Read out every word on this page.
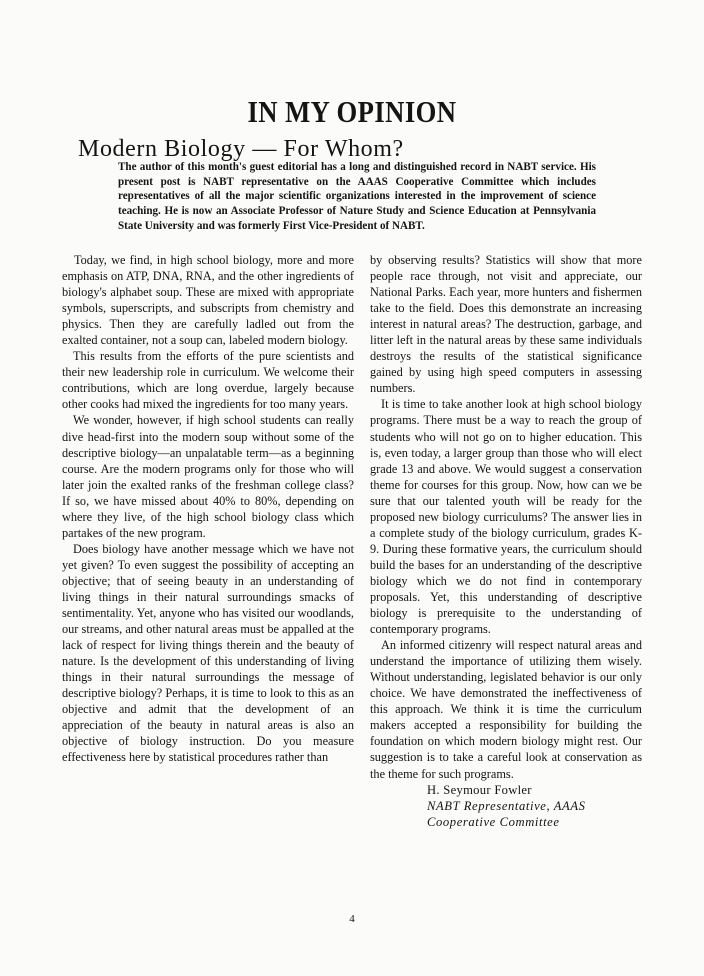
IN MY OPINION
Modern Biology — For Whom?

The author of this month's guest editorial has a long and distinguished record in NABT service. His present post is NABT representative on the AAAS Cooperative Committee which includes representatives of all the major scientific organizations interested in the improvement of science teaching. He is now an Associate Professor of Nature Study and Science Education at Pennsylvania State University and was formerly First Vice-President of NABT.

Today, we find, in high school biology, more and more emphasis on ATP, DNA, RNA, and the other ingredients of biology's alphabet soup. These are mixed with appropriate symbols, superscripts, and subscripts from chemistry and physics. Then they are carefully ladled out from the exalted container, not a soup can, labeled modern biology.

This results from the efforts of the pure scientists and their new leadership role in curriculum. We welcome their contributions, which are long overdue, largely because other cooks had mixed the ingredients for too many years.

We wonder, however, if high school students can really dive head-first into the modern soup without some of the descriptive biology—an unpalatable term—as a beginning course. Are the modern programs only for those who will later join the exalted ranks of the freshman college class? If so, we have missed about 40% to 80%, depending on where they live, of the high school biology class which partakes of the new program.

Does biology have another message which we have not yet given? To even suggest the possibility of accepting an objective; that of seeing beauty in an understanding of living things in their natural surroundings smacks of sentimentality. Yet, anyone who has visited our woodlands, our streams, and other natural areas must be appalled at the lack of respect for living things therein and the beauty of nature. Is the development of this understanding of living things in their natural surroundings the message of descriptive biology? Perhaps, it is time to look to this as an objective and admit that the development of an appreciation of the beauty in natural areas is also an objective of biology instruction. Do you measure effectiveness here by statistical procedures rather than

by observing results? Statistics will show that more people race through, not visit and appreciate, our National Parks. Each year, more hunters and fishermen take to the field. Does this demonstrate an increasing interest in natural areas? The destruction, garbage, and litter left in the natural areas by these same individuals destroys the results of the statistical significance gained by using high speed computers in assessing numbers.

It is time to take another look at high school biology programs. There must be a way to reach the group of students who will not go on to higher education. This is, even today, a larger group than those who will elect grade 13 and above. We would suggest a conservation theme for courses for this group. Now, how can we be sure that our talented youth will be ready for the proposed new biology curriculums? The answer lies in a complete study of the biology curriculum, grades K-9. During these formative years, the curriculum should build the bases for an understanding of the descriptive biology which we do not find in contemporary proposals. Yet, this understanding of descriptive biology is prerequisite to the understanding of contemporary programs.

An informed citizenry will respect natural areas and understand the importance of utilizing them wisely. Without understanding, legislated behavior is our only choice. We have demonstrated the ineffectiveness of this approach. We think it is time the curriculum makers accepted a responsibility for building the foundation on which modern biology might rest. Our suggestion is to take a careful look at conservation as the theme for such programs.

H. Seymour Fowler
NABT Representative, AAAS
Cooperative Committee
4
